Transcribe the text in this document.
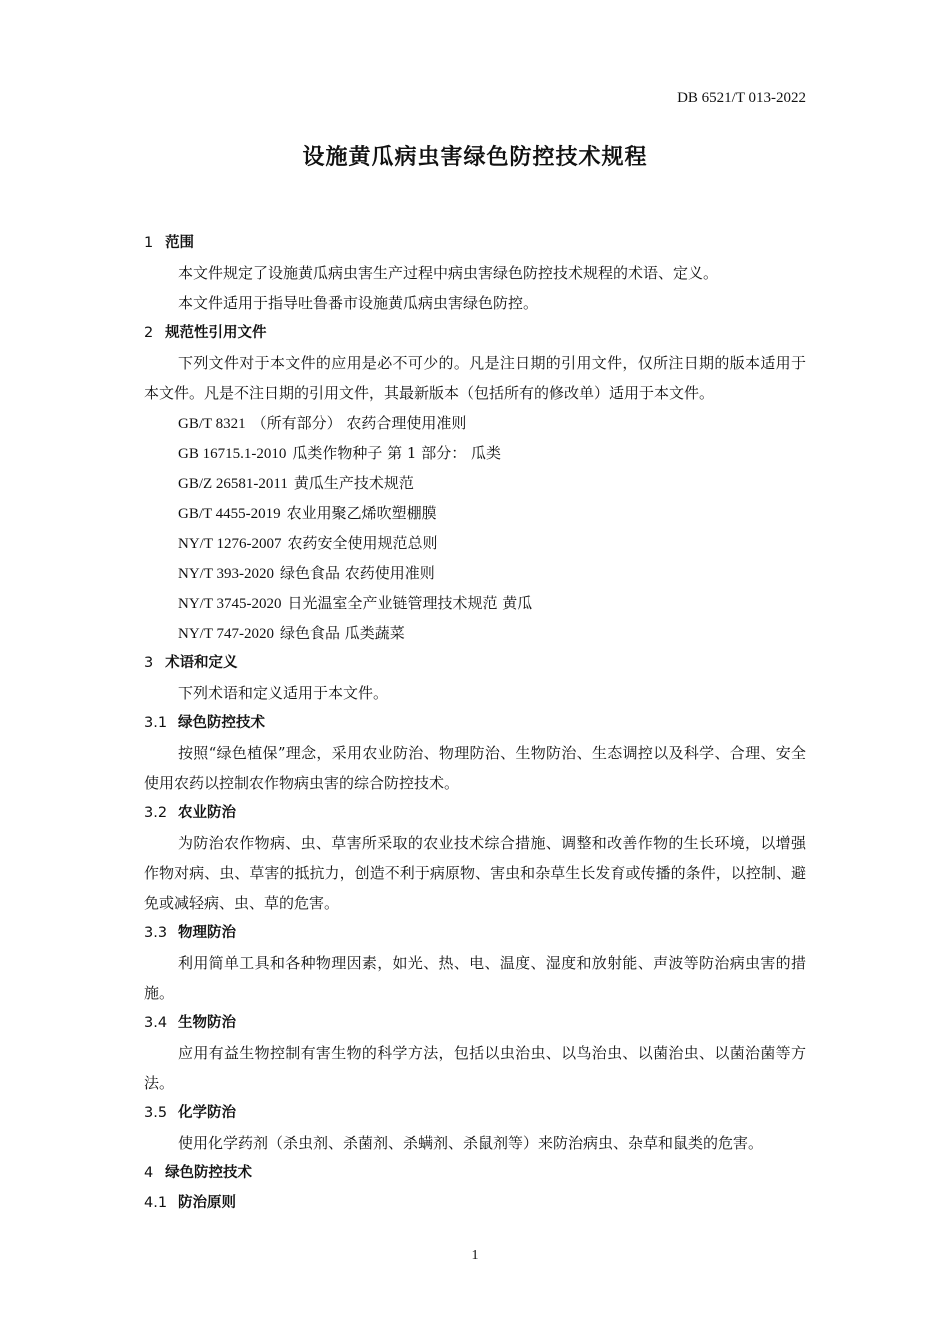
DB 6521/T 013-2022
设施黄瓜病虫害绿色防控技术规程
1 范围
本文件规定了设施黄瓜病虫害生产过程中病虫害绿色防控技术规程的术语、定义。
本文件适用于指导吐鲁番市设施黄瓜病虫害绿色防控。
2 规范性引用文件
下列文件对于本文件的应用是必不可少的。凡是注日期的引用文件，仅所注日期的版本适用于本文件。凡是不注日期的引用文件，其最新版本（包括所有的修改单）适用于本文件。
GB/T 8321 （所有部分） 农药合理使用准则
GB 16715.1-2010 瓜类作物种子 第 1 部分： 瓜类
GB/Z 26581-2011 黄瓜生产技术规范
GB/T 4455-2019 农业用聚乙烯吹塑棚膜
NY/T 1276-2007 农药安全使用规范总则
NY/T 393-2020 绿色食品 农药使用准则
NY/T 3745-2020 日光温室全产业链管理技术规范 黄瓜
NY/T 747-2020 绿色食品 瓜类蔬菜
3 术语和定义
下列术语和定义适用于本文件。
3.1 绿色防控技术
按照“绿色植保”理念，采用农业防治、物理防治、生物防治、生态调控以及科学、合理、安全使用农药以控制农作物病虫害的综合防控技术。
3.2 农业防治
为防治农作物病、虫、草害所采取的农业技术综合措施、调整和改善作物的生长环境，以增强作物对病、虫、草害的抵抗力，创造不利于病原物、害虫和杂草生长发育或传播的条件，以控制、避免或减轻病、虫、草的危害。
3.3 物理防治
利用简单工具和各种物理因素，如光、热、电、温度、湿度和放射能、声波等防治病虫害的措施。
3.4 生物防治
应用有益生物控制有害生物的科学方法，包括以虫治虫、以鸟治虫、以菌治虫、以菌治菌等方法。
3.5 化学防治
使用化学药剂（杀虫剂、杀菌剂、杀螨剂、杀鼠剂等）来防治病虫、杂草和鼠类的危害。
4 绿色防控技术
4.1 防治原则
1
